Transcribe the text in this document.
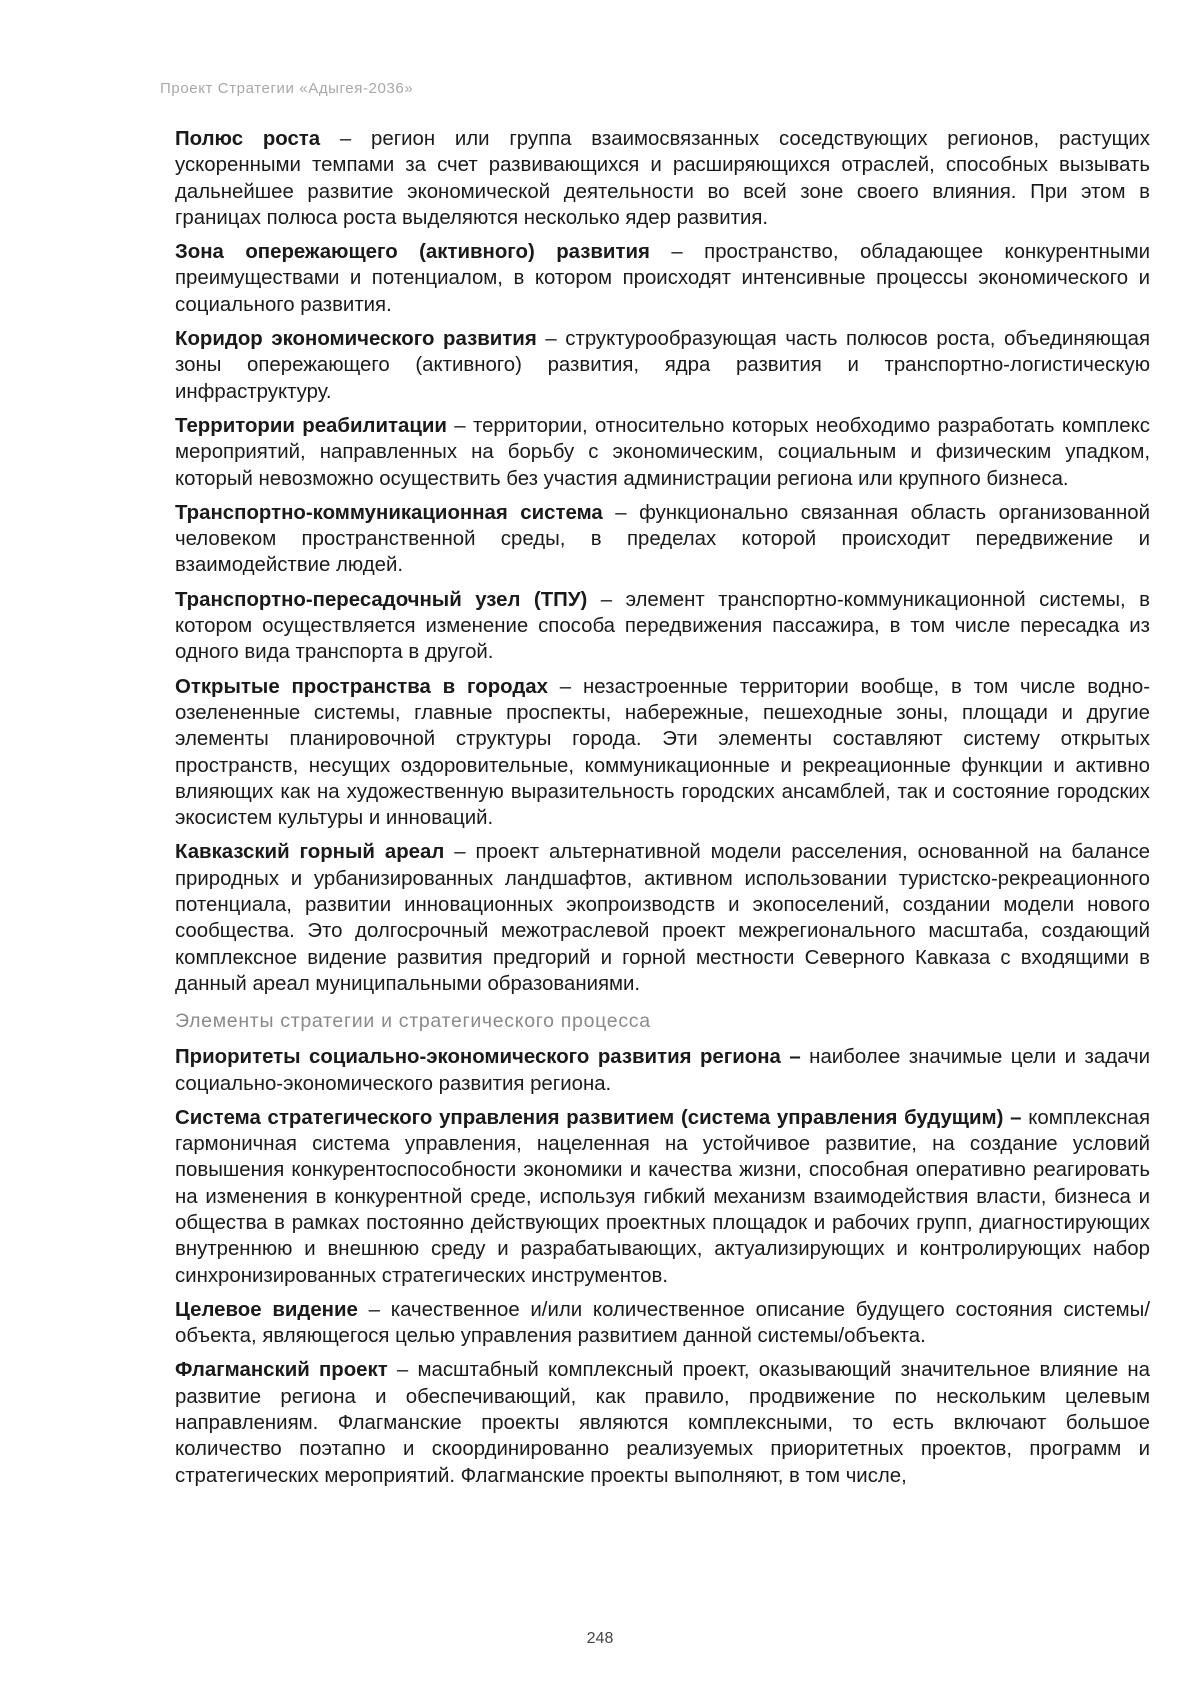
Проект Стратегии «Адыгея-2036»

Полюс роста – регион или группа взаимосвязанных соседствующих регионов, растущих ускоренными темпами за счет развивающихся и расширяющихся отраслей, способных вызывать дальнейшее развитие экономической деятельности во всей зоне своего влияния. При этом в границах полюса роста выделяются несколько ядер развития.

Зона опережающего (активного) развития – пространство, обладающее конкурентными преимуществами и потенциалом, в котором происходят интенсивные процессы экономического и социального развития.

Коридор экономического развития – структурообразующая часть полюсов роста, объединяющая зоны опережающего (активного) развития, ядра развития и транспортно-логистическую инфраструктуру.

Территории реабилитации – территории, относительно которых необходимо разработать комплекс мероприятий, направленных на борьбу с экономическим, социальным и физическим упадком, который невозможно осуществить без участия администрации региона или крупного бизнеса.

Транспортно-коммуникационная система – функционально связанная область организованной человеком пространственной среды, в пределах которой происходит передвижение и взаимодействие людей.

Транспортно-пересадочный узел (ТПУ) – элемент транспортно-коммуникационной системы, в котором осуществляется изменение способа передвижения пассажира, в том числе пересадка из одного вида транспорта в другой.

Открытые пространства в городах – незастроенные территории вообще, в том числе водно-озелененные системы, главные проспекты, набережные, пешеходные зоны, площади и другие элементы планировочной структуры города. Эти элементы составляют систему открытых пространств, несущих оздоровительные, коммуникационные и рекреационные функции и активно влияющих как на художественную выразительность городских ансамблей, так и состояние городских экосистем культуры и инноваций.

Кавказский горный ареал – проект альтернативной модели расселения, основанной на балансе природных и урбанизированных ландшафтов, активном использовании туристско-рекреационного потенциала, развитии инновационных экопроизводств и экопоселений, создании модели нового сообщества. Это долгосрочный межотраслевой проект межрегионального масштаба, создающий комплексное видение развития предгорий и горной местности Северного Кавказа с входящими в данный ареал муниципальными образованиями.

Элементы стратегии и стратегического процесса

Приоритеты социально-экономического развития региона – наиболее значимые цели и задачи социально-экономического развития региона.

Система стратегического управления развитием (система управления будущим) – комплексная гармоничная система управления, нацеленная на устойчивое развитие, на создание условий повышения конкурентоспособности экономики и качества жизни, способная оперативно реагировать на изменения в конкурентной среде, используя гибкий механизм взаимодействия власти, бизнеса и общества в рамках постоянно действующих проектных площадок и рабочих групп, диагностирующих внутреннюю и внешнюю среду и разрабатывающих, актуализирующих и контролирующих набор синхронизированных стратегических инструментов.

Целевое видение – качественное и/или количественное описание будущего состояния системы/объекта, являющегося целью управления развитием данной системы/объекта.

Флагманский проект – масштабный комплексный проект, оказывающий значительное влияние на развитие региона и обеспечивающий, как правило, продвижение по нескольким целевым направлениям. Флагманские проекты являются комплексными, то есть включают большое количество поэтапно и скоординированно реализуемых приоритетных проектов, программ и стратегических мероприятий. Флагманские проекты выполняют, в том числе,

248
